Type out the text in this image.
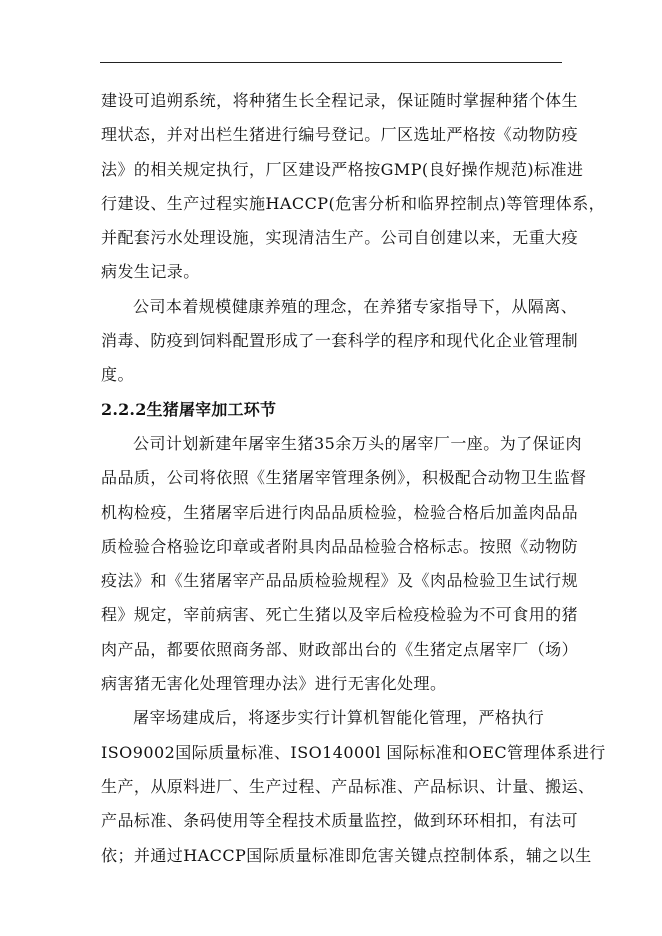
建设可追朔系统，将种猪生长全程记录，保证随时掌握种猪个体生
理状态，并对出栏生猪进行编号登记。厂区选址严格按《动物防疫
法》的相关规定执行，厂区建设严格按GMP(良好操作规范)标准进
行建设、生产过程实施HACCP(危害分析和临界控制点)等管理体系，
并配套污水处理设施，实现清洁生产。公司自创建以来，无重大疫
病发生记录。
公司本着规模健康养殖的理念，在养猪专家指导下，从隔离、
消毒、防疫到饲料配置形成了一套科学的程序和现代化企业管理制
度。
2.2.2生猪屠宰加工环节
公司计划新建年屠宰生猪35余万头的屠宰厂一座。为了保证肉
品品质，公司将依照《生猪屠宰管理条例》，积极配合动物卫生监督
机构检疫，生猪屠宰后进行肉品品质检验，检验合格后加盖肉品品
质检验合格验讫印章或者附具肉品品检验合格标志。按照《动物防
疫法》和《生猪屠宰产品品质检验规程》及《肉品检验卫生试行规
程》规定，宰前病害、死亡生猪以及宰后检疫检验为不可食用的猪
肉产品，都要依照商务部、财政部出台的《生猪定点屠宰厂（场）
病害猪无害化处理管理办法》进行无害化处理。
屠宰场建成后，将逐步实行计算机智能化管理，严格执行
ISO9002国际质量标准、ISO14000l 国际标准和OEC管理体系进行
生产，从原料进厂、生产过程、产品标准、产品标识、计量、搬运、
产品标准、条码使用等全程技术质量监控，做到环环相扣，有法可
依；并通过HACCP国际质量标准即危害关键点控制体系，辅之以生
